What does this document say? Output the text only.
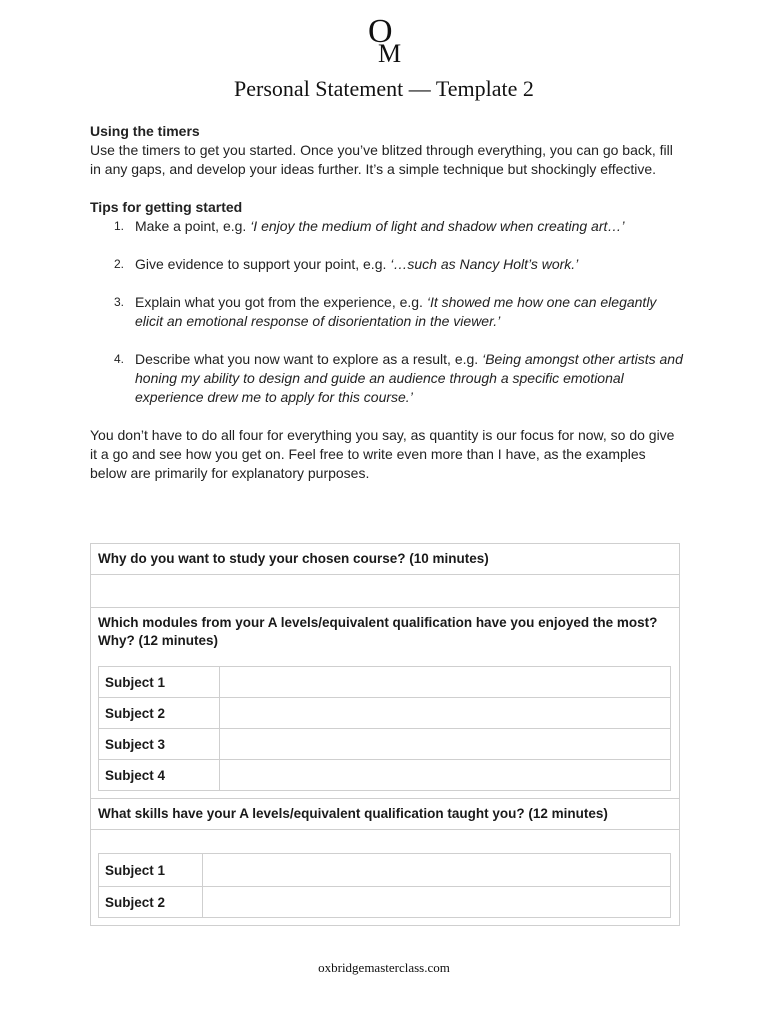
O
M
Personal Statement — Template 2
Using the timers

Use the timers to get you started. Once you’ve blitzed through everything, you can go back, fill in any gaps, and develop your ideas further. It’s a simple technique but shockingly effective.

Tips for getting started
1. Make a point, e.g. ‘I enjoy the medium of light and shadow when creating art…’
2. Give evidence to support your point, e.g. ‘…such as Nancy Holt’s work.’
3. Explain what you got from the experience, e.g. ‘It showed me how one can elegantly elicit an emotional response of disorientation in the viewer.’
4. Describe what you now want to explore as a result, e.g. ‘Being amongst other artists and honing my ability to design and guide an audience through a specific emotional experience drew me to apply for this course.’

You don’t have to do all four for everything you say, as quantity is our focus for now, so do give it a go and see how you get on. Feel free to write even more than I have, as the examples below are primarily for explanatory purposes.

Why do you want to study your chosen course? (10 minutes)
Which modules from your A levels/equivalent qualification have you enjoyed the most? Why? (12 minutes)
Subject 1	
Subject 2	
Subject 3	
Subject 4	
What skills have your A levels/equivalent qualification taught you? (12 minutes)
Subject 1	
Subject 2	
oxbridgemasterclass.com
